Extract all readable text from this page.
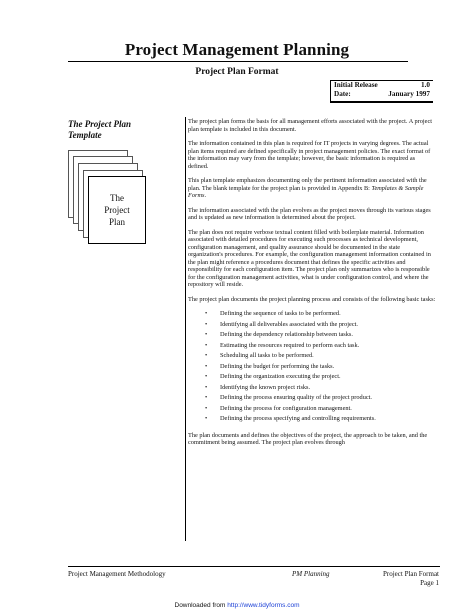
Project Management Planning
Project Plan Format
Initial Release	1.0
Date:	January 1997
The Project Plan
Template
The
Project
Plan

The project plan forms the basis for all management efforts associated with the project. A project plan template is included in this document.

The information contained in this plan is required for IT projects in varying degrees. The actual plan items required are defined specifically in project management policies. The exact format of the information may vary from the template; however, the basic information is required as defined.

This plan template emphasizes documenting only the pertinent information associated with the plan. The blank template for the project plan is provided in Appendix B: Templates & Sample Forms.

The information associated with the plan evolves as the project moves through its various stages and is updated as new information is determined about the project.

The plan does not require verbose textual content filled with boilerplate material. Information associated with detailed procedures for executing such processes as technical development, configuration management, and quality assurance should be documented in the state organization's procedures. For example, the configuration management information contained in the plan might reference a procedures document that defines the specific activities and responsibility for each configuration item. The project plan only summarizes who is responsible for the configuration management activities, what is under configuration control, and where the repository will reside.

The project plan documents the project planning process and consists of the following basic tasks:

• Defining the sequence of tasks to be performed.
• Identifying all deliverables associated with the project.
• Defining the dependency relationship between tasks.
• Estimating the resources required to perform each task.
• Scheduling all tasks to be performed.
• Defining the budget for performing the tasks.
• Defining the organization executing the project.
• Identifying the known project risks.
• Defining the process ensuring quality of the project product.
• Defining the process for configuration management.
• Defining the process specifying and controlling requirements.

The plan documents and defines the objectives of the project, the approach to be taken, and the commitment being assumed. The project plan evolves through

Project Management Methodology	PM Planning	Project Plan Format
Page 1
Downloaded from http://www.tidyforms.com
